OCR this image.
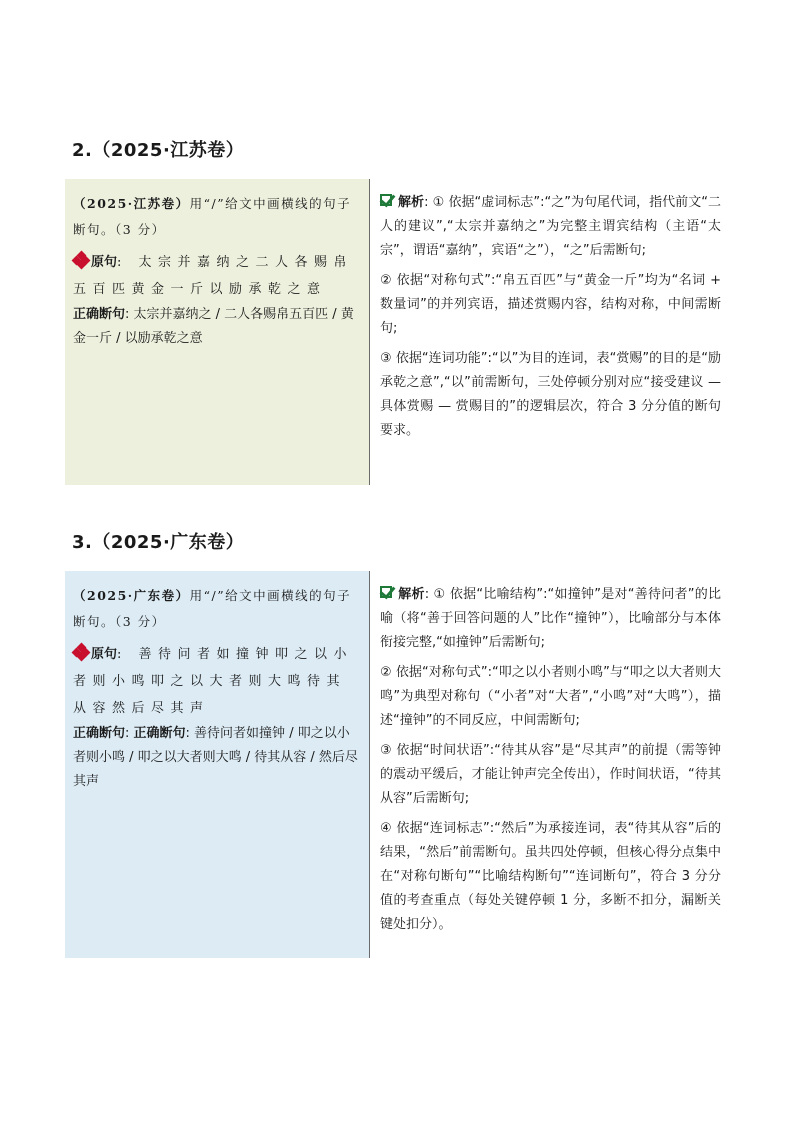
2.（2025·江苏卷）
（2025·江苏卷）用“/”给文中画横线的句子断句。（3 分）
原句: 太宗并嘉纳之二人各赐帛五百匹黄金一斤以励承乾之意
正确断句: 太宗并嘉纳之 / 二人各赐帛五百匹 / 黄金一斤 / 以励承乾之意

解析: ① 依据“虚词标志”:“之”为句尾代词，指代前文“二人的建议”,“太宗并嘉纳之”为完整主谓宾结构（主语“太宗”，谓语“嘉纳”，宾语“之”），“之”后需断句;

② 依据“对称句式”:“帛五百匹”与“黄金一斤”均为“名词 + 数量词”的并列宾语，描述赏赐内容，结构对称，中间需断句;

③ 依据“连词功能”:“以”为目的连词，表“赏赐”的目的是“励承乾之意”,“以”前需断句，三处停顿分别对应“接受建议 — 具体赏赐 — 赏赐目的”的逻辑层次，符合 3 分分值的断句要求。

3.（2025·广东卷）
（2025·广东卷）用“/”给文中画横线的句子断句。（3 分）
原句: 善待问者如撞钟叩之以小者则小鸣叩之以大者则大鸣待其从容然后尽其声
正确断句: 正确断句: 善待问者如撞钟 / 叩之以小者则小鸣 / 叩之以大者则大鸣 / 待其从容 / 然后尽其声

解析: ① 依据“比喻结构”:“如撞钟”是对“善待问者”的比喻（将“善于回答问题的人”比作“撞钟”），比喻部分与本体衔接完整,“如撞钟”后需断句;

② 依据“对称句式”:“叩之以小者则小鸣”与“叩之以大者则大鸣”为典型对称句（“小者”对“大者”,“小鸣”对“大鸣”），描述“撞钟”的不同反应，中间需断句;

③ 依据“时间状语”:“待其从容”是“尽其声”的前提（需等钟的震动平缓后，才能让钟声完全传出），作时间状语，“待其从容”后需断句;

④ 依据“连词标志”:“然后”为承接连词，表“待其从容”后的结果，“然后”前需断句。虽共四处停顿，但核心得分点集中在“对称句断句”“比喻结构断句”“连词断句”，符合 3 分分值的考查重点（每处关键停顿 1 分，多断不扣分，漏断关键处扣分）。
